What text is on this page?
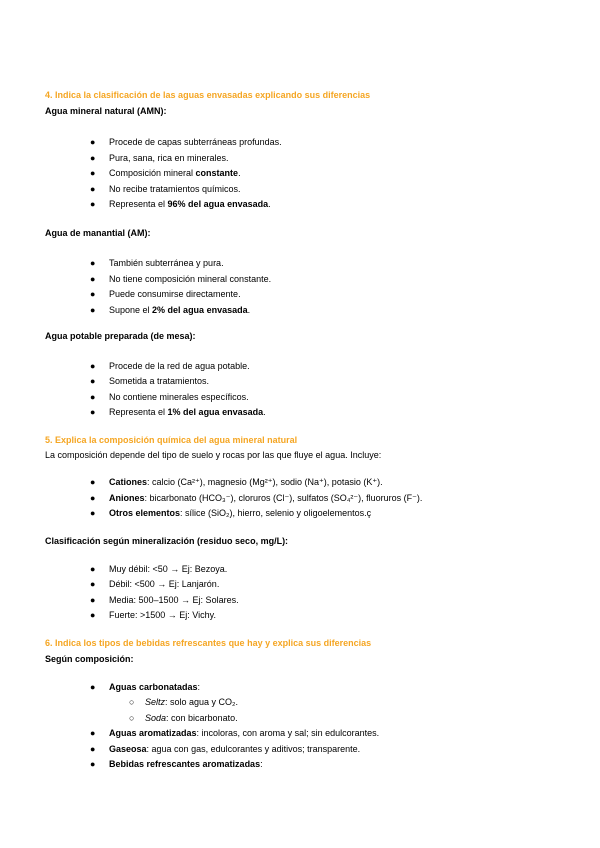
4. Indica la clasificación de las aguas envasadas explicando sus diferencias
Agua mineral natural (AMN):
● Procede de capas subterráneas profundas.
● Pura, sana, rica en minerales.
● Composición mineral constante.
● No recibe tratamientos químicos.
● Representa el 96% del agua envasada.
Agua de manantial (AM):
● También subterránea y pura.
● No tiene composición mineral constante.
● Puede consumirse directamente.
● Supone el 2% del agua envasada.
Agua potable preparada (de mesa):
● Procede de la red de agua potable.
● Sometida a tratamientos.
● No contiene minerales específicos.
● Representa el 1% del agua envasada.
5. Explica la composición química del agua mineral natural
La composición depende del tipo de suelo y rocas por las que fluye el agua. Incluye:
● Cationes: calcio (Ca²⁺), magnesio (Mg²⁺), sodio (Na⁺), potasio (K⁺).
● Aniones: bicarbonato (HCO₃⁻), cloruros (Cl⁻), sulfatos (SO₄²⁻), fluoruros (F⁻).
● Otros elementos: sílice (SiO₂), hierro, selenio y oligoelementos.ç
Clasificación según mineralización (residuo seco, mg/L):
● Muy débil: <50 → Ej: Bezoya.
● Débil: <500 → Ej: Lanjarón.
● Media: 500–1500 → Ej: Solares.
● Fuerte: >1500 → Ej: Vichy.
6. Indica los tipos de bebidas refrescantes que hay y explica sus diferencias
Según composición:
● Aguas carbonatadas:
○ Seltz: solo agua y CO₂.
○ Soda: con bicarbonato.
● Aguas aromatizadas: incoloras, con aroma y sal; sin edulcorantes.
● Gaseosa: agua con gas, edulcorantes y aditivos; transparente.
● Bebidas refrescantes aromatizadas:
